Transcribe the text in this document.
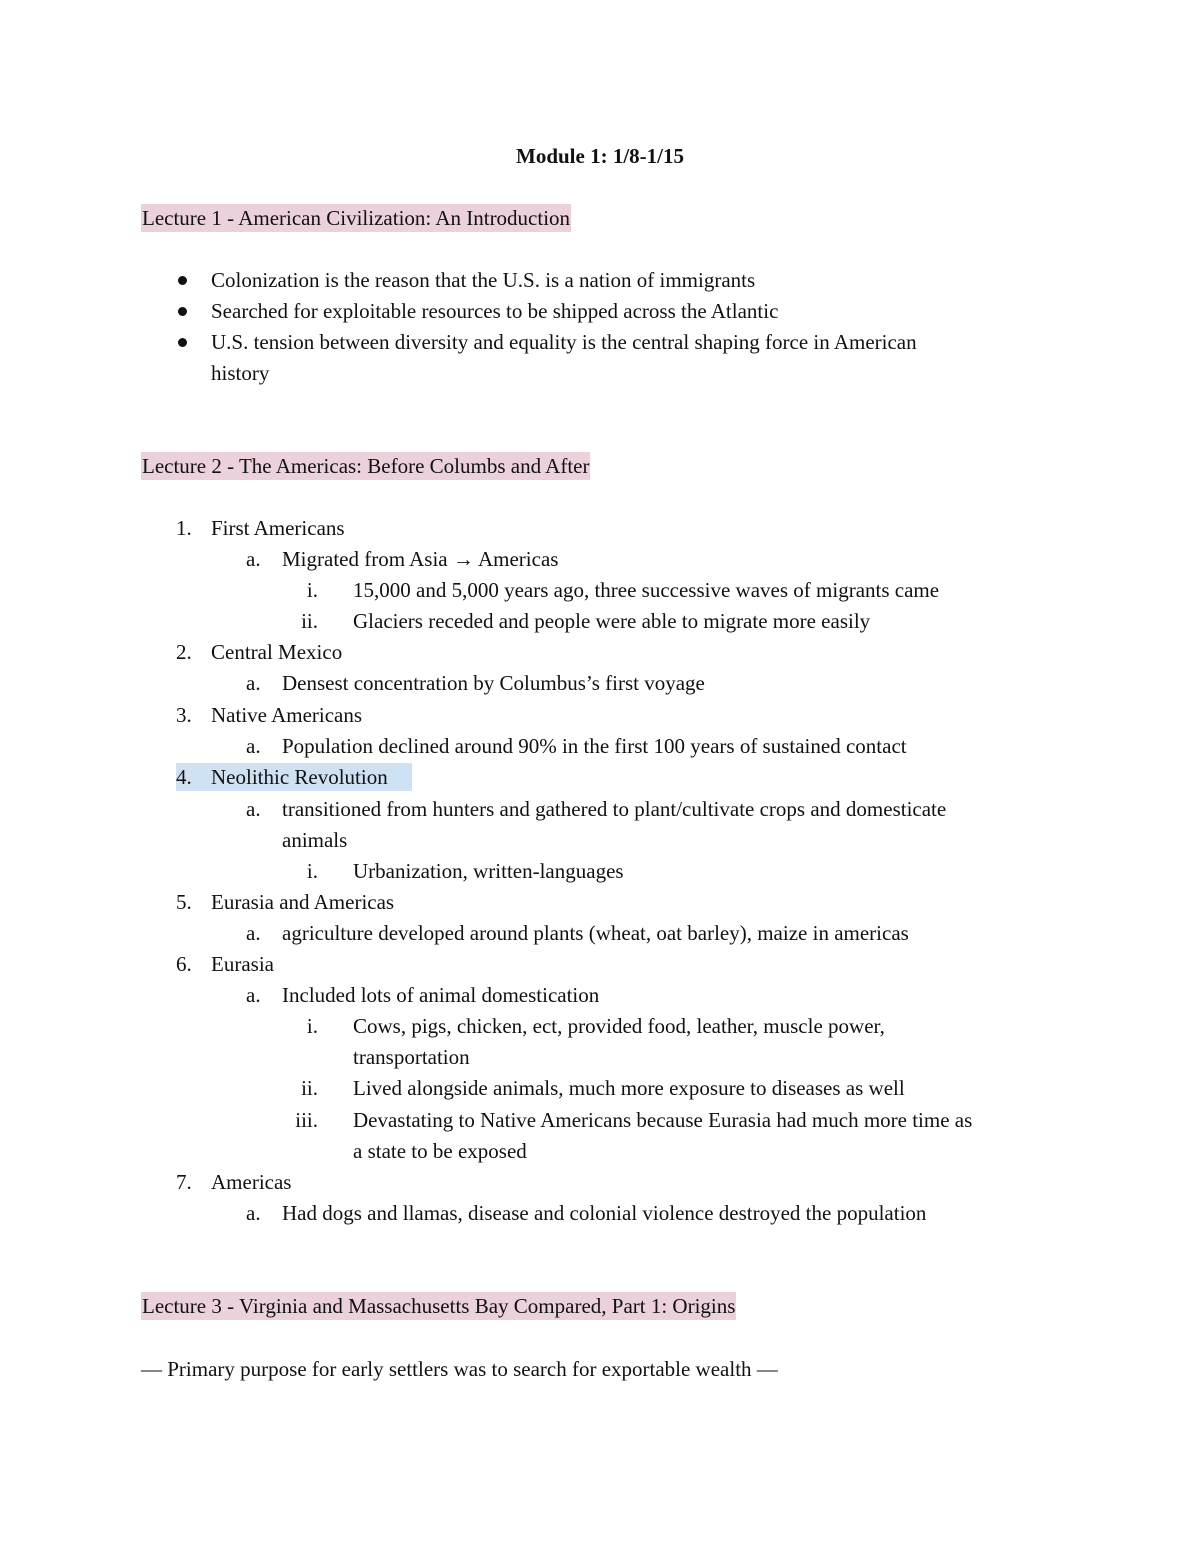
Module 1: 1/8-1/15
Lecture 1 - American Civilization: An Introduction
Colonization is the reason that the U.S. is a nation of immigrants
Searched for exploitable resources to be shipped across the Atlantic
U.S. tension between diversity and equality is the central shaping force in American
history
Lecture 2 - The Americas: Before Columbs and After
1. First Americans
a. Migrated from Asia → Americas
i. 15,000 and 5,000 years ago, three successive waves of migrants came
ii. Glaciers receded and people were able to migrate more easily
2. Central Mexico
a. Densest concentration by Columbus’s first voyage
3. Native Americans
a. Population declined around 90% in the first 100 years of sustained contact
4. Neolithic Revolution
a. transitioned from hunters and gathered to plant/cultivate crops and domesticate
animals
i. Urbanization, written-languages
5. Eurasia and Americas
a. agriculture developed around plants (wheat, oat barley), maize in americas
6. Eurasia
a. Included lots of animal domestication
i. Cows, pigs, chicken, ect, provided food, leather, muscle power,
transportation
ii. Lived alongside animals, much more exposure to diseases as well
iii. Devastating to Native Americans because Eurasia had much more time as
a state to be exposed
7. Americas
a. Had dogs and llamas, disease and colonial violence destroyed the population
Lecture 3 - Virginia and Massachusetts Bay Compared, Part 1: Origins
— Primary purpose for early settlers was to search for exportable wealth —
